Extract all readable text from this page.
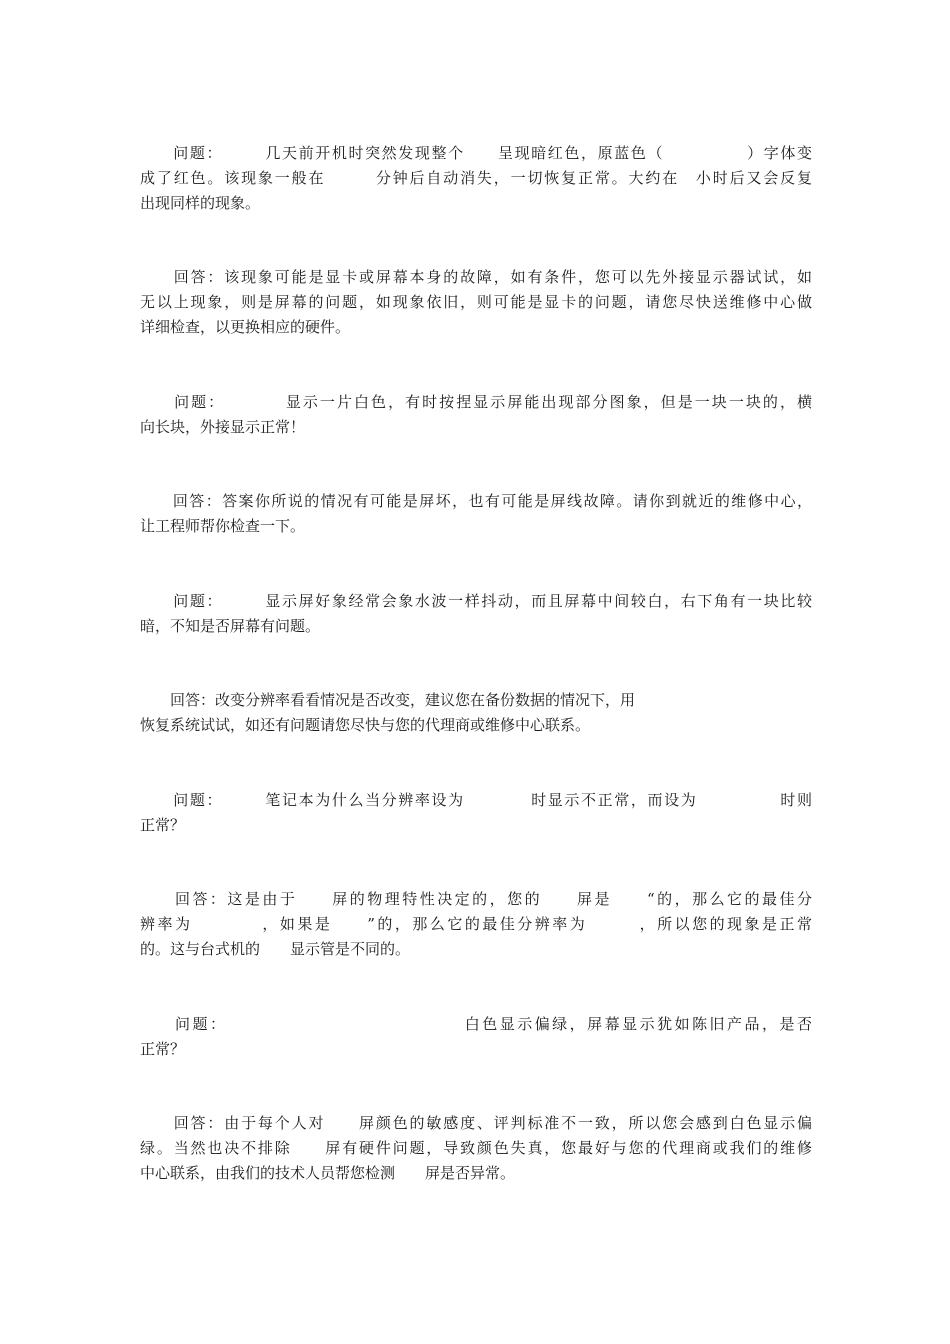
　　问题：　　　几天前开机时突然发现整个　　呈现暗红色，原蓝色（　　　　　）字体变
成了红色。该现象一般在　　　分钟后自动消失，一切恢复正常。大约在　小时后又会反复
出现同样的现象。

　　回答：该现象可能是显卡或屏幕本身的故障，如有条件，您可以先外接显示器试试，如
无以上现象，则是屏幕的问题，如现象依旧，则可能是显卡的问题，请您尽快送维修中心做
详细检查，以更换相应的硬件。

　　问题：　　　　显示一片白色，有时按捏显示屏能出现部分图象，但是一块一块的，横
向长块，外接显示正常！

　　回答：答案你所说的情况有可能是屏坏，也有可能是屏线故障。请你到就近的维修中心，
让工程师帮你检查一下。

　　问题：　　　显示屏好象经常会象水波一样抖动，而且屏幕中间较白，右下角有一块比较
暗，不知是否屏幕有问题。

　　回答：改变分辨率看看情况是否改变，建议您在备份数据的情况下，用
恢复系统试试，如还有问题请您尽快与您的代理商或维修中心联系。

　　问题：　　　笔记本为什么当分辨率设为　　　　时显示不正常，而设为　　　　　时则
正常？

　　回答：这是由于　　屏的物理特性决定的，您的　　屏是　　“的，那么它的最佳分
辨率为　　　　，如果是　　”的，那么它的最佳分辨率为　　　，所以您的现象是正常
的。这与台式机的　　显示管是不同的。

　　问题：　　　　　　　　　　　　　　白色显示偏绿，屏幕显示犹如陈旧产品，是否
正常？

　　回答：由于每个人对　　屏颜色的敏感度、评判标准不一致，所以您会感到白色显示偏
绿。当然也决不排除　　屏有硬件问题，导致颜色失真，您最好与您的代理商或我们的维修
中心联系，由我们的技术人员帮您检测　　屏是否异常。
